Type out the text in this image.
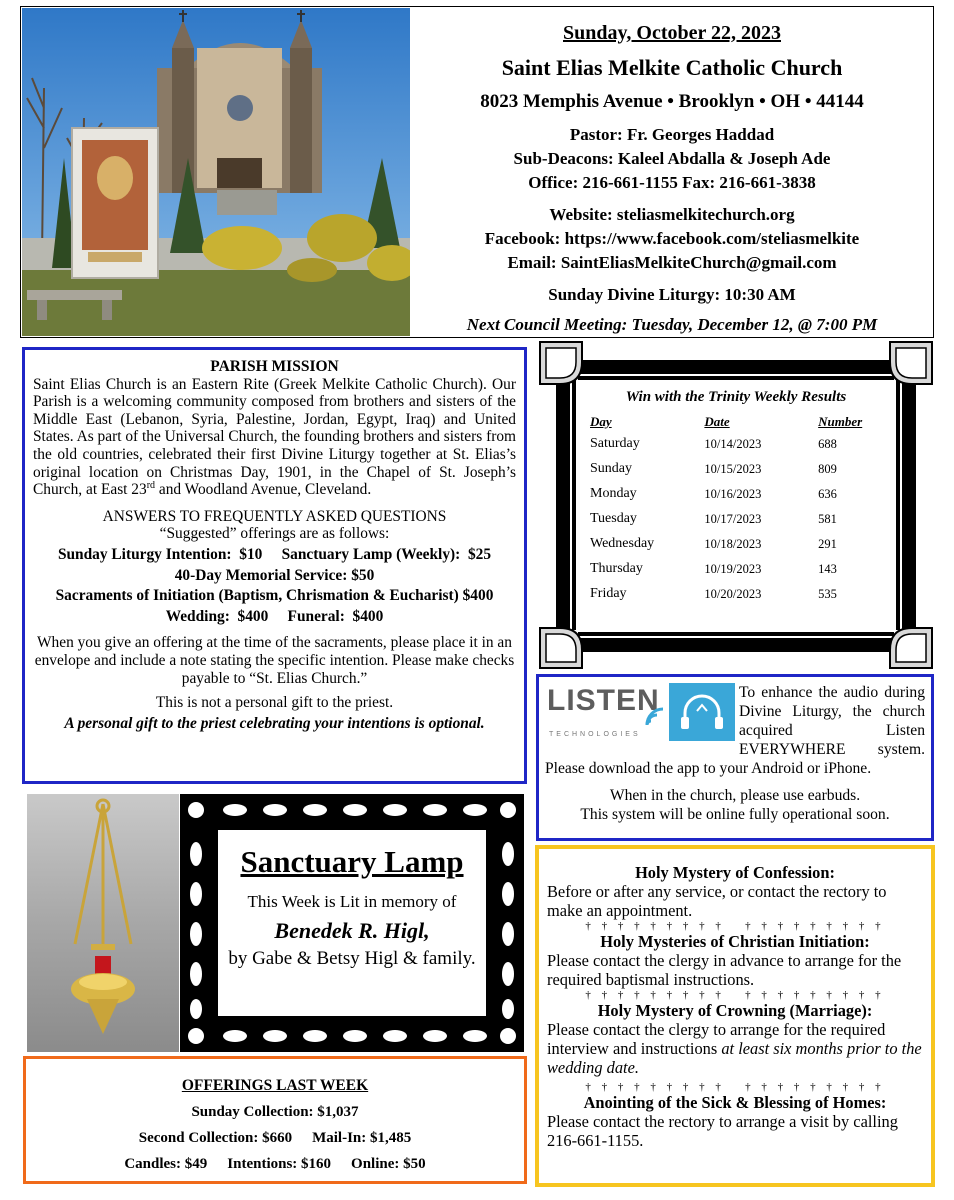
Sunday, October 22, 2023
Saint Elias Melkite Catholic Church
8023 Memphis Avenue • Brooklyn • OH • 44144
Pastor: Fr. Georges Haddad
Sub-Deacons: Kaleel Abdalla & Joseph Ade
Office: 216-661-1155 Fax: 216-661-3838
Website: steliasmelkitechurch.org
Facebook: https://www.facebook.com/steliasmelkite
Email: SaintEliasMelkiteChurch@gmail.com
Sunday Divine Liturgy: 10:30 AM
Next Council Meeting: Tuesday, December 12, @ 7:00 PM
PARISH MISSION

Saint Elias Church is an Eastern Rite (Greek Melkite Catholic Church). Our Parish is a welcoming community composed from brothers and sisters of the Middle East (Lebanon, Syria, Palestine, Jordan, Egypt, Iraq) and United States. As part of the Universal Church, the founding brothers and sisters from the old countries, celebrated their first Divine Liturgy together at St. Elias’s original location on Christmas Day, 1901, in the Chapel of St. Joseph’s Church, at East 23rd and Woodland Avenue, Cleveland.

ANSWERS TO FREQUENTLY ASKED QUESTIONS
“Suggested” offerings are as follows:
Sunday Liturgy Intention:  $10     Sanctuary Lamp (Weekly):  $25
40-Day Memorial Service: $50
Sacraments of Initiation (Baptism, Chrismation & Eucharist) $400
Wedding:  $400     Funeral:  $400

When you give an offering at the time of the sacraments, please place it in an envelope and include a note stating the specific intention. Please make checks payable to “St. Elias Church.”

This is not a personal gift to the priest.

A personal gift to the priest celebrating your intentions is optional.

Win with the Trinity Weekly Results
Day	Date	Number
Saturday	10/14/2023	688
Sunday	10/15/2023	809
Monday	10/16/2023	636
Tuesday	10/17/2023	581
Wednesday	10/18/2023	291
Thursday	10/19/2023	143
Friday	10/20/2023	535
LISTEN
TECHNOLOGIES

To enhance the audio during Divine Liturgy, the church acquired Listen EVERYWHERE system. Please download the app to your Android or iPhone.

When in the church, please use earbuds.

This system will be online fully operational soon.

Sanctuary Lamp
This Week is Lit in memory of
Benedek R. Higl,
by Gabe & Betsy Higl & family.
OFFERINGS LAST WEEK
Sunday Collection: $1,037
Second Collection: $660 Mail-In: $1,485
Candles: $49 Intentions: $160 Online: $50
Holy Mystery of Confession:
Before or after any service, or contact the rectory to make an appointment.
† † † † † † † † †   † † † † † † † † †
Holy Mysteries of Christian Initiation:
Please contact the clergy in advance to arrange for the required baptismal instructions.
† † † † † † † † †   † † † † † † † † †
Holy Mystery of Crowning (Marriage):
Please contact the clergy to arrange for the required interview and instructions at least six months prior to the wedding date.
† † † † † † † † †   † † † † † † † † †
Anointing of the Sick & Blessing of Homes:
Please contact the rectory to arrange a visit by calling 216-661-1155.
